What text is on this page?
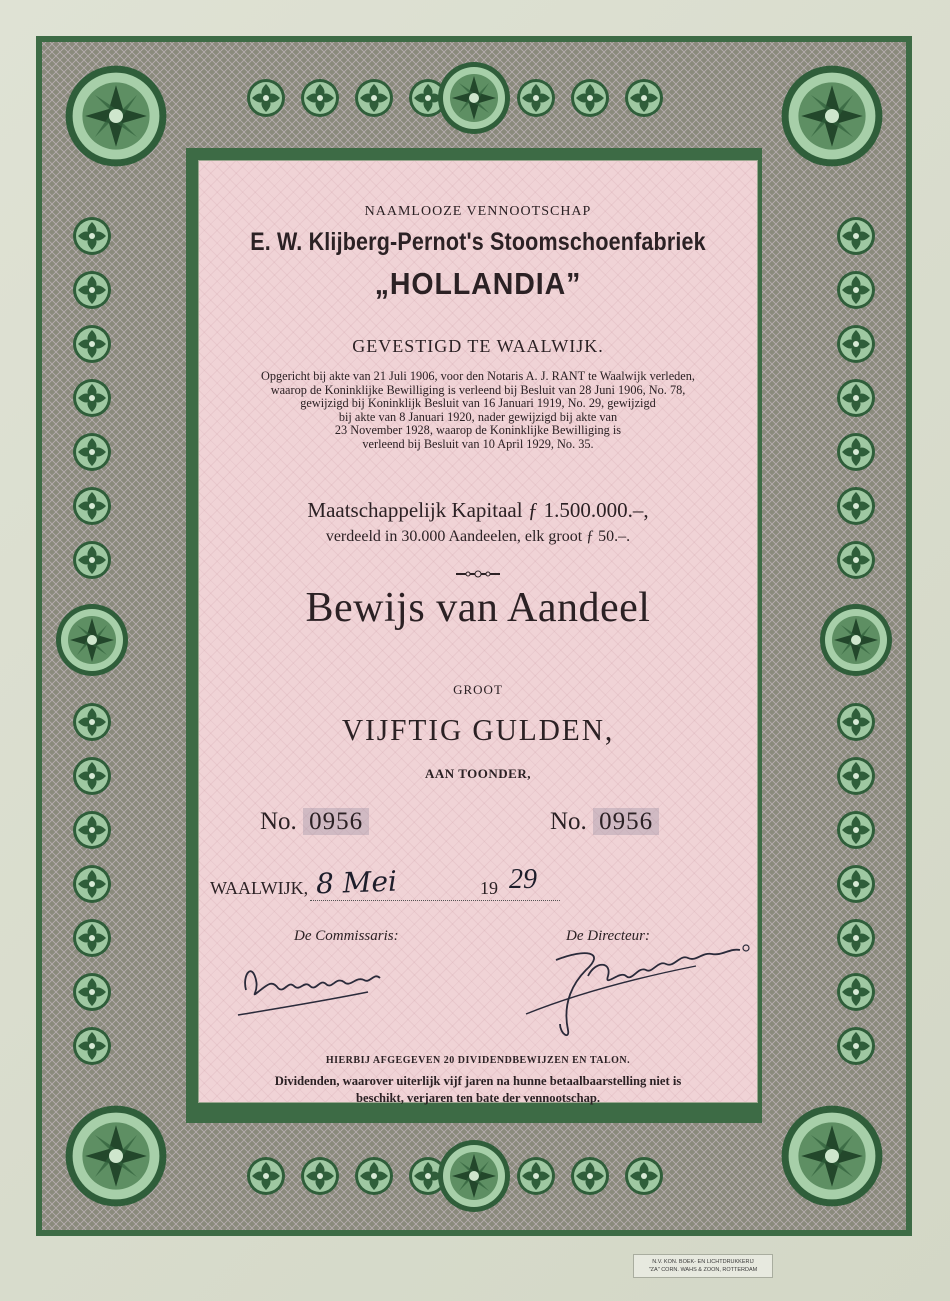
NAAMLOOZE VENNOOTSCHAP

E. W. Klijberg-Pernot's Stoomschoenfabriek

„HOLLANDIA”

GEVESTIGD TE WAALWIJK.

Opgericht bij akte van 21 Juli 1906, voor den Notaris A. J. RANT te Waalwijk verleden,
waarop de Koninklijke Bewilliging is verleend bij Besluit van 28 Juni 1906, No. 78,
gewijzigd bij Koninklijk Besluit van 16 Januari 1919, No. 29, gewijzigd
bij akte van 8 Januari 1920, nader gewijzigd bij akte van
23 November 1928, waarop de Koninklijke Bewilliging is
verleend bij Besluit van 10 April 1929, No. 35.

Maatschappelijk Kapitaal ƒ 1.500.000.–,

verdeeld in 30.000 Aandeelen, elk groot ƒ 50.–.

Bewijs van Aandeel

GROOT

VIJFTIG GULDEN,

AAN TOONDER,

No. 0956	No. 0956
WAALWIJK, 8 Mei	19 29
De Commissaris:	De Directeur:

HIERBIJ AFGEGEVEN 20 DIVIDENDBEWIJZEN EN TALON.

Dividenden, waarover uiterlijk vijf jaren na hunne betaalbaarstelling niet is
beschikt, verjaren ten bate der vennootschap.
N.V. KON. BOEK- EN LICHTDRUKKERIJ
"ZA" CORN. WAHS & ZOON, ROTTERDAM
